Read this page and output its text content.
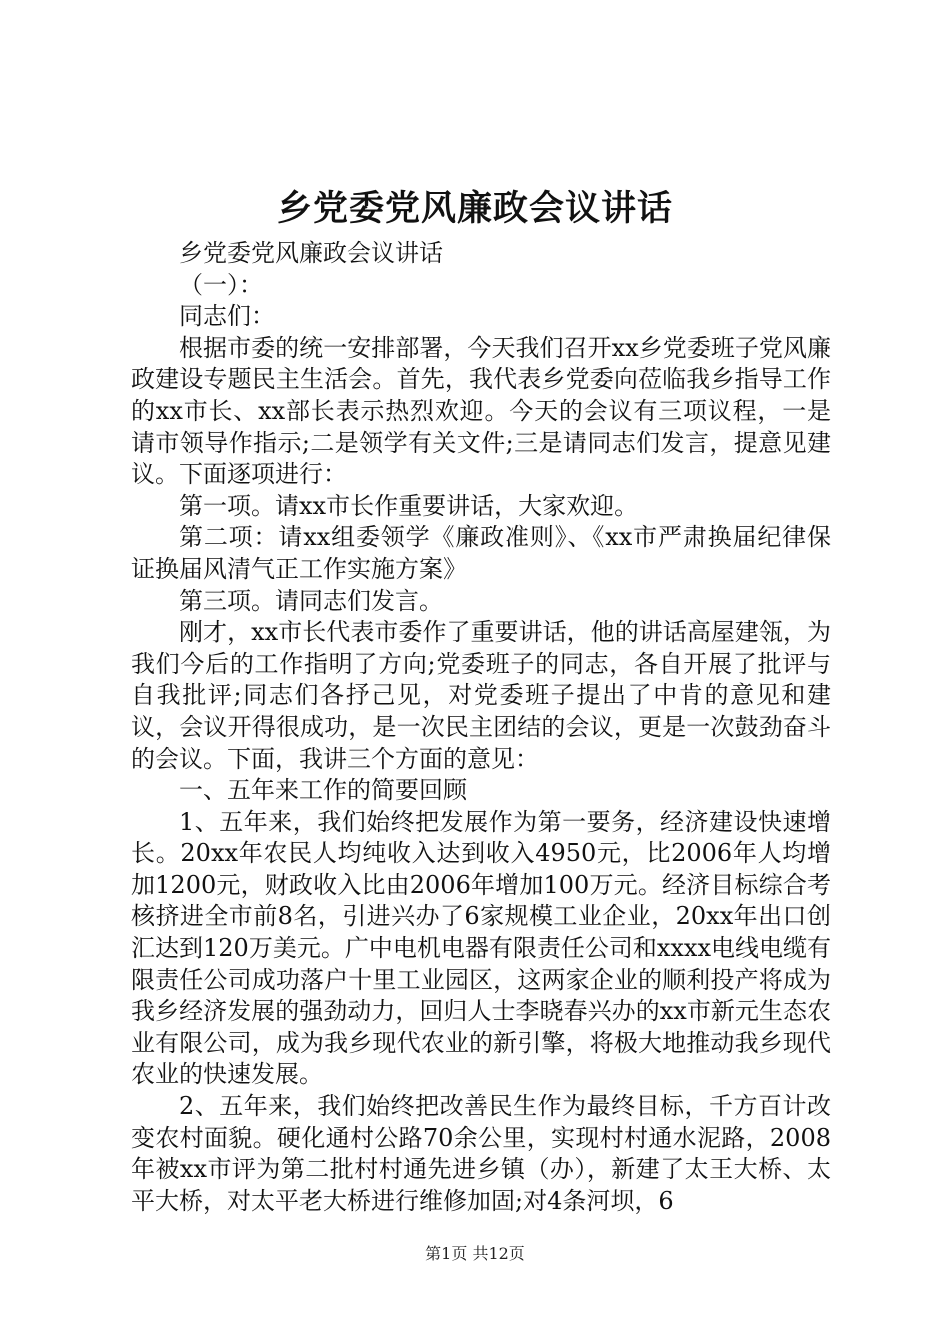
乡党委党风廉政会议讲话

乡党委党风廉政会议讲话

（一）：

同志们：

根据市委的统一安排部署，今天我们召开xx乡党委班子党风廉政建设专题民主生活会。首先，我代表乡党委向莅临我乡指导工作的xx市长、xx部长表示热烈欢迎。今天的会议有三项议程，一是请市领导作指示;二是领学有关文件;三是请同志们发言，提意见建议。下面逐项进行：

第一项。请xx市长作重要讲话，大家欢迎。

第二项：请xx组委领学《廉政准则》、《xx市严肃换届纪律保证换届风清气正工作实施方案》

第三项。请同志们发言。

刚才，xx市长代表市委作了重要讲话，他的讲话高屋建瓴，为我们今后的工作指明了方向;党委班子的同志，各自开展了批评与自我批评;同志们各抒己见，对党委班子提出了中肯的意见和建议，会议开得很成功，是一次民主团结的会议，更是一次鼓劲奋斗的会议。下面，我讲三个方面的意见：

一、五年来工作的简要回顾

1、五年来，我们始终把发展作为第一要务，经济建设快速增长。20xx年农民人均纯收入达到收入4950元，比2006年人均增加1200元，财政收入比由2006年增加100万元。经济目标综合考核挤进全市前8名，引进兴办了6家规模工业企业，20xx年出口创汇达到120万美元。广中电机电器有限责任公司和xxxx电线电缆有限责任公司成功落户十里工业园区，这两家企业的顺利投产将成为我乡经济发展的强劲动力，回归人士李晓春兴办的xx市新元生态农业有限公司，成为我乡现代农业的新引擎，将极大地推动我乡现代农业的快速发展。

2、五年来，我们始终把改善民生作为最终目标，千方百计改变农村面貌。硬化通村公路70余公里，实现村村通水泥路，2008年被xx市评为第二批村村通先进乡镇（办），新建了太王大桥、太平大桥，对太平老大桥进行维修加固;对4条河坝，6

第1页 共12页
